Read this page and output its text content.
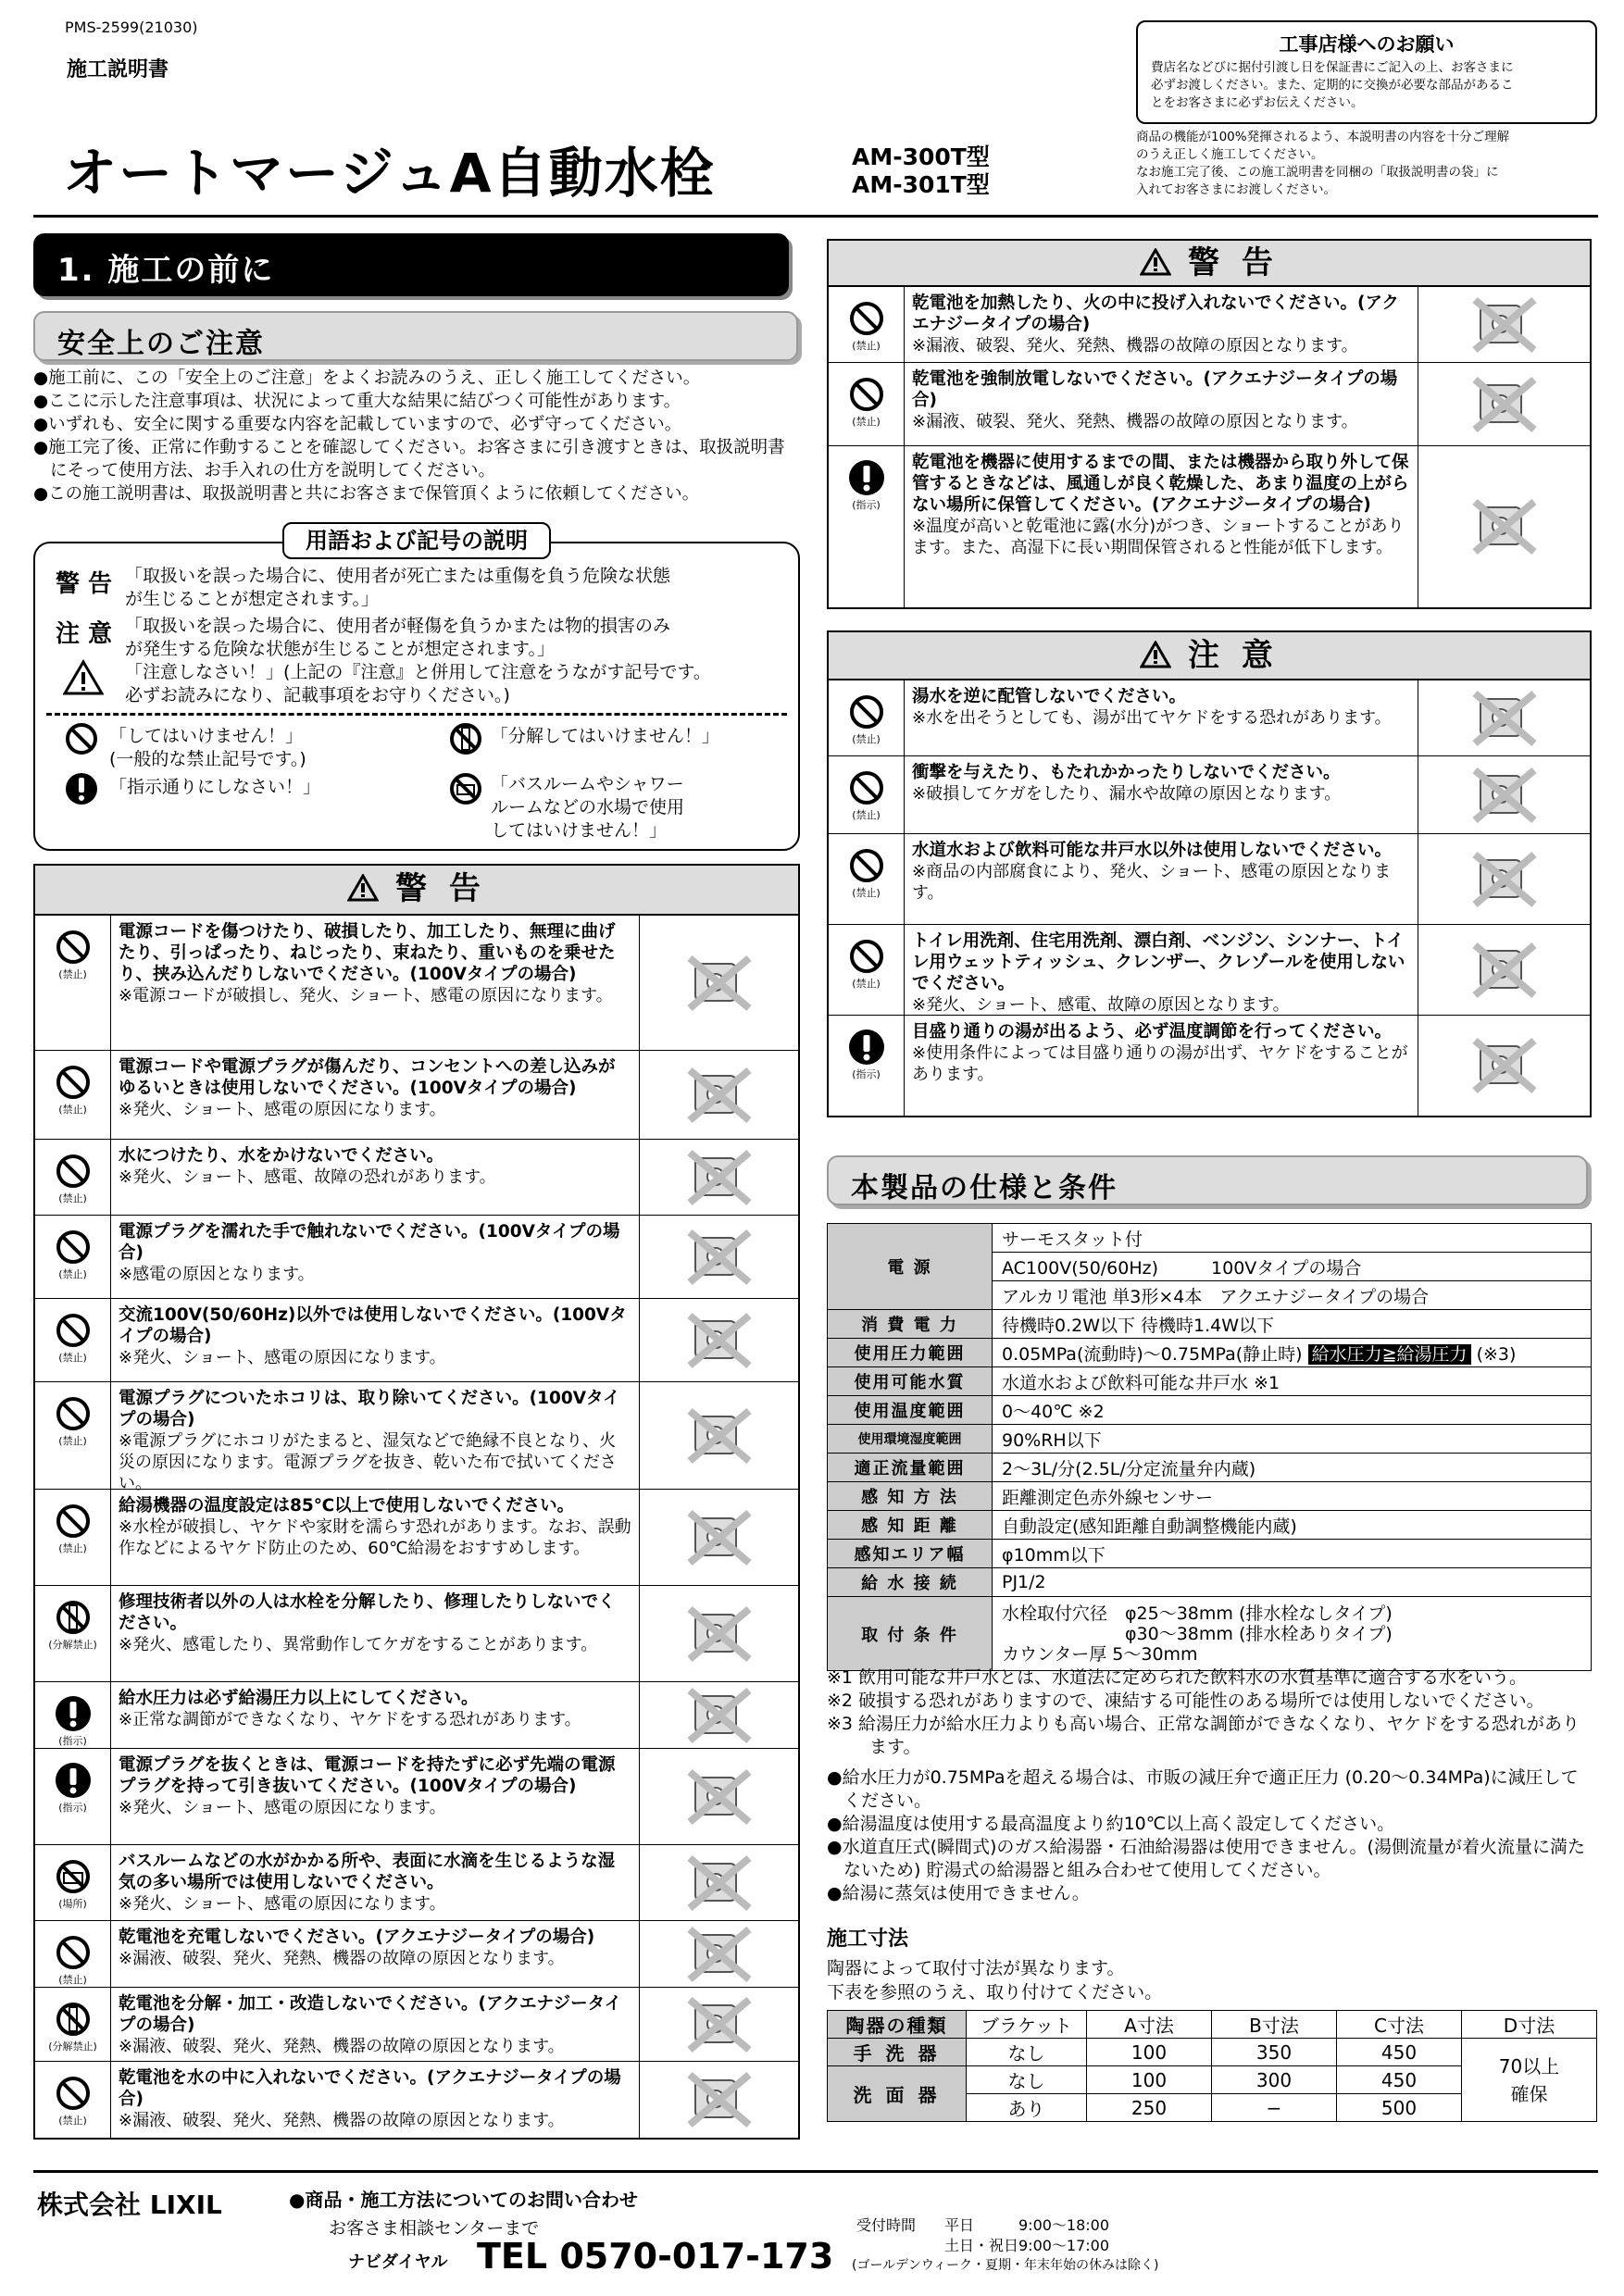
PMS-2599(21030)
施工説明書
オートマージュA自動水栓	AM-300T型
AM-301T型
工事店様へのお願い
費店名などびに据付引渡し日を保証書にご記入の上、お客さまに
必ずお渡しください。また、定期的に交換が必要な部品があるこ
とをお客さまに必ずお伝えください。
商品の機能が100%発揮されるよう、本説明書の内容を十分ご理解
のうえ正しく施工してください。
なお施工完了後、この施工説明書を同梱の「取扱説明書の袋」に
入れてお客さまにお渡しください。
1. 施工の前に
安全上のご注意
● 施工前に、この「安全上のご注意」をよくお読みのうえ、正しく施工してください。
● ここに示した注意事項は、状況によって重大な結果に結びつく可能性があります。
● いずれも、安全に関する重要な内容を記載していますので、必ず守ってください。
● 施工完了後、正常に作動することを確認してください。お客さまに引き渡すときは、取扱説明書にそって使用方法、お手入れの仕方を説明してください。
● この施工説明書は、取扱説明書と共にお客さまで保管頂くように依頼してください。
用語および記号の説明
警 告 「取扱いを誤った場合に、使用者が死亡または重傷を負う危険な状態
が生じることが想定されます。」
注 意 「取扱いを誤った場合に、使用者が軽傷を負うかまたは物的損害のみ
が発生する危険な状態が生じることが想定されます。」
「注意しなさい！」(上記の『注意』と併用して注意をうながす記号です。
必ずお読みになり、記載事項をお守りください。)
「してはいけません！」
(一般的な禁止記号です。)
「指示通りにしなさい！」
「分解してはいけません！」
「バスルームやシャワー
ルームなどの水場で使用
してはいけません！」
警 告
(禁止)
電源コードを傷つけたり、破損したり、加工したり、無理に曲げたり、引っぱったり、ねじったり、束ねたり、重いものを乗せたり、挟み込んだりしないでください。(100Vタイプの場合)
※電源コードが破損し、発火、ショート、感電の原因になります。
(禁止)
電源コードや電源プラグが傷んだり、コンセントへの差し込みがゆるいときは使用しないでください。(100Vタイプの場合)
※発火、ショート、感電の原因になります。
(禁止)
水につけたり、水をかけないでください。
※発火、ショート、感電、故障の恐れがあります。
(禁止)
電源プラグを濡れた手で触れないでください。(100Vタイプの場合)
※感電の原因となります。
(禁止)
交流100V(50/60Hz)以外では使用しないでください。(100Vタイプの場合)
※発火、ショート、感電の原因になります。
(禁止)
電源プラグについたホコリは、取り除いてください。(100Vタイプの場合)
※電源プラグにホコリがたまると、湿気などで絶縁不良となり、火災の原因になります。電源プラグを抜き、乾いた布で拭いてください。
(禁止)
給湯機器の温度設定は85℃以上で使用しないでください。
※水栓が破損し、ヤケドや家財を濡らす恐れがあります。なお、誤動作などによるヤケド防止のため、60℃給湯をおすすめします。
(分解禁止)
修理技術者以外の人は水栓を分解したり、修理したりしないでください。
※発火、感電したり、異常動作してケガをすることがあります。
(指示)
給水圧力は必ず給湯圧力以上にしてください。
※正常な調節ができなくなり、ヤケドをする恐れがあります。
(指示)
電源プラグを抜くときは、電源コードを持たずに必ず先端の電源プラグを持って引き抜いてください。(100Vタイプの場合)
※発火、ショート、感電の原因になります。
(場所)
バスルームなどの水がかかる所や、表面に水滴を生じるような湿気の多い場所では使用しないでください。
※発火、ショート、感電の原因になります。
(禁止)
乾電池を充電しないでください。(アクエナジータイプの場合)
※漏液、破裂、発火、発熱、機器の故障の原因となります。
(分解禁止)
乾電池を分解・加工・改造しないでください。(アクエナジータイプの場合)
※漏液、破裂、発火、発熱、機器の故障の原因となります。
(禁止)
乾電池を水の中に入れないでください。(アクエナジータイプの場合)
※漏液、破裂、発火、発熱、機器の故障の原因となります。
警 告
(禁止)
乾電池を加熱したり、火の中に投げ入れないでください。(アクエナジータイプの場合)
※漏液、破裂、発火、発熱、機器の故障の原因となります。
(禁止)
乾電池を強制放電しないでください。(アクエナジータイプの場合)
※漏液、破裂、発火、発熱、機器の故障の原因となります。
(指示)
乾電池を機器に使用するまでの間、または機器から取り外して保管するときなどは、風通しが良く乾燥した、あまり温度の上がらない場所に保管してください。(アクエナジータイプの場合)
※温度が高いと乾電池に露(水分)がつき、ショートすることがあります。また、高湿下に長い期間保管されると性能が低下します。
注 意
(禁止)
湯水を逆に配管しないでください。
※水を出そうとしても、湯が出てヤケドをする恐れがあります。
(禁止)
衝撃を与えたり、もたれかかったりしないでください。
※破損してケガをしたり、漏水や故障の原因となります。
(禁止)
水道水および飲料可能な井戸水以外は使用しないでください。
※商品の内部腐食により、発火、ショート、感電の原因となります。
(禁止)
トイレ用洗剤、住宅用洗剤、漂白剤、ベンジン、シンナー、トイレ用ウェットティッシュ、クレンザー、クレゾールを使用しないでください。
※発火、ショート、感電、故障の原因となります。
(指示)
目盛り通りの湯が出るよう、必ず温度調節を行ってください。
※使用条件によっては目盛り通りの湯が出ず、ヤケドをすることがあります。
本製品の仕様と条件
電 源	サーモスタット付
	AC100V(50/60Hz)　　　100Vタイプの場合
	アルカリ電池 単3形×4本　アクエナジータイプの場合
消 費 電 力	待機時0.2W以下 待機時1.4W以下
使用圧力範囲	0.05MPa(流動時)〜0.75MPa(静止時) 給水圧力≧給湯圧力 (※3)
使用可能水質	水道水および飲料可能な井戸水 ※1
使用温度範囲	0〜40℃ ※2
使用環境湿度範囲	90%RH以下
適正流量範囲	2〜3L/分(2.5L/分定流量弁内蔵)
感 知 方 法	距離測定色赤外線センサー
感 知 距 離	自動設定(感知距離自動調整機能内蔵)
感知エリア幅	φ10mm以下
給 水 接 続	PJ1/2
取 付 条 件	水栓取付穴径　φ25〜38mm (排水栓なしタイプ)
　　　　　　　φ30〜38mm (排水栓ありタイプ)
カウンター厚 5〜30mm
※1 飲用可能な井戸水とは、水道法に定められた飲料水の水質基準に適合する水をいう。
※2 破損する恐れがありますので、凍結する可能性のある場所では使用しないでください。
※3 給湯圧力が給水圧力よりも高い場合、正常な調節ができなくなり、ヤケドをする恐れがあります。
● 給水圧力が0.75MPaを超える場合は、市販の減圧弁で適正圧力 (0.20〜0.34MPa)に減圧してください。
● 給湯温度は使用する最高温度より約10℃以上高く設定してください。
● 水道直圧式(瞬間式)のガス給湯器・石油給湯器は使用できません。(湯側流量が着火流量に満たないため) 貯湯式の給湯器と組み合わせて使用してください。
● 給湯に蒸気は使用できません。
施工寸法
陶器によって取付寸法が異なります。
下表を参照のうえ、取り付けてください。
陶器の種類	ブラケット	A寸法	B寸法	C寸法	D寸法
手 洗 器	なし	100	350	450	70以上
確保
洗 面 器	なし	100	300	450	
	あり	250	−	500	
株式会社 LIXIL	●商品・施工方法についてのお問い合わせ
お客さま相談センターまで
ナビダイヤル TEL 0570-017-173
受付時間 平日　　　9:00〜18:00
土日・祝日9:00〜17:00
(ゴールデンウィーク・夏期・年末年始の休みは除く)
